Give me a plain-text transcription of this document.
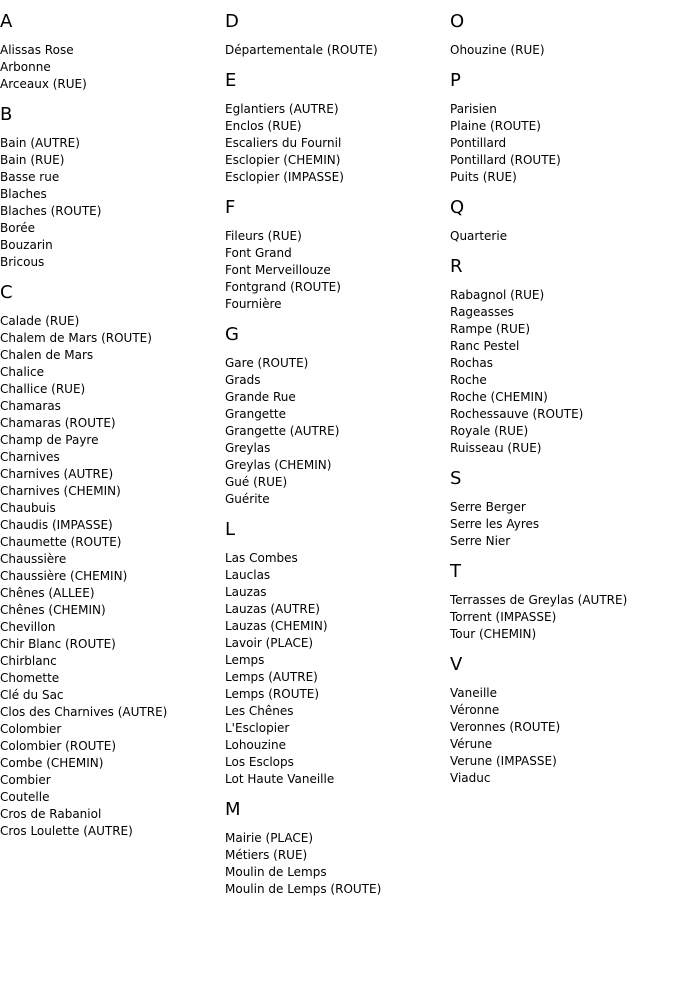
A
Alissas Rose
Arbonne
Arceaux (RUE)
B
Bain (AUTRE)
Bain (RUE)
Basse rue
Blaches
Blaches (ROUTE)
Borée
Bouzarin
Bricous
C
Calade (RUE)
Chalem de Mars (ROUTE)
Chalen de Mars
Chalice
Challice (RUE)
Chamaras
Chamaras (ROUTE)
Champ de Payre
Charnives
Charnives (AUTRE)
Charnives (CHEMIN)
Chaubuis
Chaudis (IMPASSE)
Chaumette (ROUTE)
Chaussière
Chaussière (CHEMIN)
Chênes (ALLEE)
Chênes (CHEMIN)
Chevillon
Chir Blanc (ROUTE)
Chirblanc
Chomette
Clé du Sac
Clos des Charnives (AUTRE)
Colombier
Colombier (ROUTE)
Combe (CHEMIN)
Combier
Coutelle
Cros de Rabaniol
Cros Loulette (AUTRE)
D
Départementale (ROUTE)
E
Eglantiers (AUTRE)
Enclos (RUE)
Escaliers du Fournil
Esclopier (CHEMIN)
Esclopier (IMPASSE)
F
Fileurs (RUE)
Font Grand
Font Merveillouze
Fontgrand (ROUTE)
Fournière
G
Gare (ROUTE)
Grads
Grande Rue
Grangette
Grangette (AUTRE)
Greylas
Greylas (CHEMIN)
Gué (RUE)
Guérite
L
Las Combes
Lauclas
Lauzas
Lauzas (AUTRE)
Lauzas (CHEMIN)
Lavoir (PLACE)
Lemps
Lemps (AUTRE)
Lemps (ROUTE)
Les Chênes
L'Esclopier
Lohouzine
Los Esclops
Lot Haute Vaneille
M
Mairie (PLACE)
Métiers (RUE)
Moulin de Lemps
Moulin de Lemps (ROUTE)
O
Ohouzine (RUE)
P
Parisien
Plaine (ROUTE)
Pontillard
Pontillard (ROUTE)
Puits (RUE)
Q
Quarterie
R
Rabagnol (RUE)
Rageasses
Rampe (RUE)
Ranc Pestel
Rochas
Roche
Roche (CHEMIN)
Rochessauve (ROUTE)
Royale (RUE)
Ruisseau (RUE)
S
Serre Berger
Serre les Ayres
Serre Nier
T
Terrasses de Greylas (AUTRE)
Torrent (IMPASSE)
Tour (CHEMIN)
V
Vaneille
Véronne
Veronnes (ROUTE)
Vérune
Verune (IMPASSE)
Viaduc
